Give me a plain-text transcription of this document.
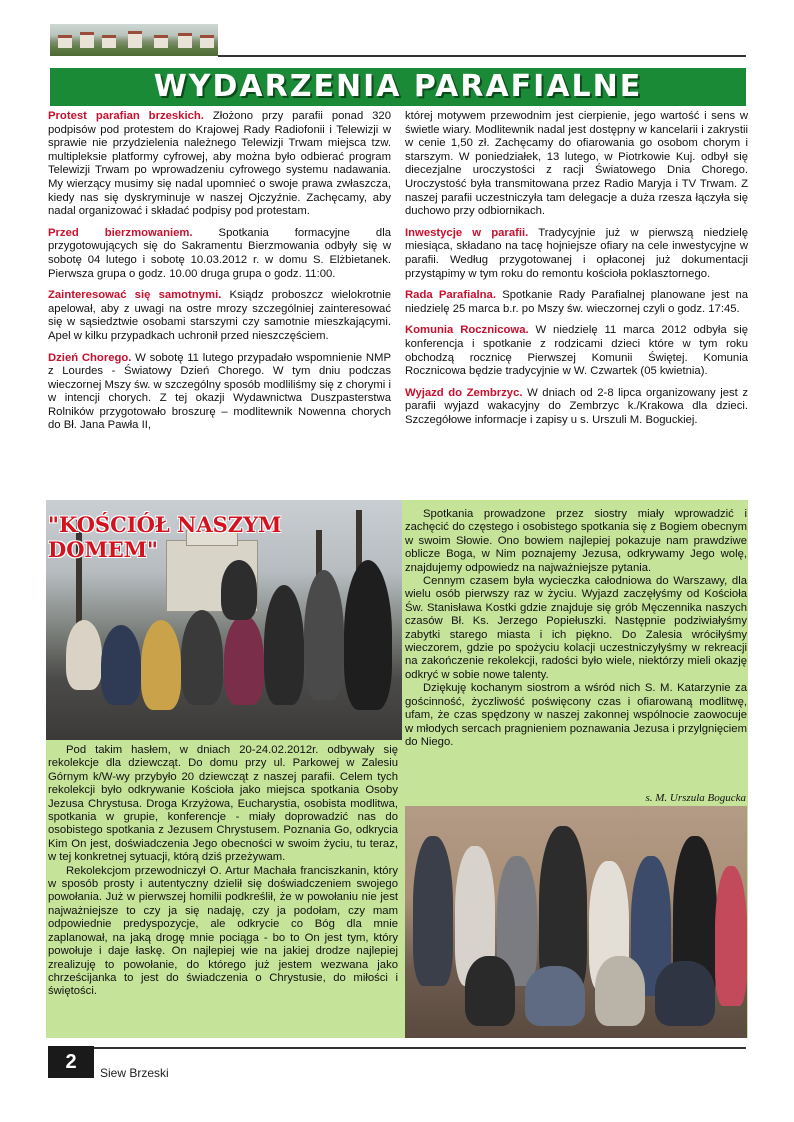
WYDARZENIA PARAFIALNE

Protest parafian brzeskich. Złożono przy parafii ponad 320 podpisów pod protestem do Krajowej Rady Radiofonii i Telewizji w sprawie nie przydzielenia należnego Telewizji Trwam miejsca tzw. multipleksie platformy cyfrowej, aby można było odbierać program Telewizji Trwam po wprowadzeniu cyfrowego systemu nadawania. My wierzący musimy się nadal upomnieć o swoje prawa zwłaszcza, kiedy nas się dyskryminuje w naszej Ojczyźnie. Zachęcamy, aby nadal organizować i składać podpisy pod protestam.

Przed bierzmowaniem. Spotkania formacyjne dla przygotowujących się do Sakramentu Bierzmowania odbyły się w sobotę 04 lutego i sobotę 10.03.2012 r. w domu S. Elżbietanek. Pierwsza grupa o godz. 10.00 druga grupa o godz. 11:00.

Zainteresować się samotnymi. Ksiądz proboszcz wielokrotnie apelował, aby z uwagi na ostre mrozy szczególniej zainteresować się w sąsiedztwie osobami starszymi czy samotnie mieszkającymi. Apel w kilku przypadkach uchronił przed nieszczęściem.

Dzień Chorego. W sobotę 11 lutego przypadało wspomnienie NMP z Lourdes - Światowy Dzień Chorego. W tym dniu podczas wieczornej Mszy św. w szczególny sposób modliliśmy się z chorymi i w intencji chorych. Z tej okazji Wydawnictwa Duszpasterstwa Rolników przygotowało broszurę – modlitewnik Nowenna chorych do Bł. Jana Pawła II,

której motywem przewodnim jest cierpienie, jego wartość i sens w świetle wiary. Modlitewnik nadal jest dostępny w kancelarii i zakrystii w cenie 1,50 zł. Zachęcamy do ofiarowania go osobom chorym i starszym. W poniedziałek, 13 lutego, w Piotrkowie Kuj. odbył się diecezjalne uroczystości z racji Światowego Dnia Chorego. Uroczystość była transmitowana przez Radio Maryja i TV Trwam. Z naszej parafii uczestniczyła tam delegacje a duża rzesza łączyła się duchowo przy odbiornikach.

Inwestycje w parafii. Tradycyjnie już w pierwszą niedzielę miesiąca, składano na tacę hojniejsze ofiary na cele inwestycyjne w parafii. Według przygotowanej i opłaconej już dokumentacji przystąpimy w tym roku do remontu kościoła poklasztornego.

Rada Parafialna. Spotkanie Rady Parafialnej planowane jest na niedzielę 25 marca b.r. po Mszy św. wieczornej czyli o godz. 17:45.

Komunia Rocznicowa. W niedzielę 11 marca 2012 odbyła się konferencja i spotkanie z rodzicami dzieci które w tym roku obchodzą rocznicę Pierwszej Komunii Świętej. Komunia Rocznicowa będzie tradycyjnie w W. Czwartek (05 kwietnia).

Wyjazd do Zembrzyc. W dniach od 2-8 lipca organizowany jest z parafii wyjazd wakacyjny do Zembrzyc k./Krakowa dla dzieci. Szczegółowe informacje i zapisy u s. Urszuli M. Boguckiej.

"KOŚCIÓŁ NASZYM DOMEM"

Pod takim hasłem, w dniach 20-24.02.2012r. odbywały się rekolekcje dla dziewcząt. Do domu przy ul. Parkowej w Zalesiu Górnym k/W-wy przybyło 20 dziewcząt z naszej parafii. Celem tych rekolekcji było odkrywanie Kościoła jako miejsca spotkania Osoby Jezusa Chrystusa. Droga Krzyżowa, Eucharystia, osobista modlitwa, spotkania w grupie, konferencje - miały doprowadzić nas do osobistego spotkania z Jezusem Chrystusem. Poznania Go, odkrycia Kim On jest, doświadczenia Jego obecności w swoim życiu, tu teraz, w tej konkretnej sytuacji, którą dziś przeżywam.

Rekolekcjom przewodniczył O. Artur Machała franciszkanin, który w sposób prosty i autentyczny dzielił się doświadczeniem swojego powołania. Już w pierwszej homilii podkreślił, że w powołaniu nie jest najważniejsze to czy ja się nadaję, czy ja podołam, czy mam odpowiednie predyspozycje, ale odkrycie co Bóg dla mnie zaplanował, na jaką drogę mnie pociąga - bo to On jest tym, który powołuje i daje łaskę. On najlepiej wie na jakiej drodze najlepiej zrealizuję to powołanie, do którego już jestem wezwana jako chrześcijanka to jest do świadczenia o Chrystusie, do miłości i świętości.

Spotkania prowadzone przez siostry miały wprowadzić i zachęcić do częstego i osobistego spotkania się z Bogiem obecnym w swoim Słowie. Ono bowiem najlepiej pokazuje nam prawdziwe oblicze Boga, w Nim poznajemy Jezusa, odkrywamy Jego wolę, znajdujemy odpowiedz na najważniejsze pytania.

Cennym czasem była wycieczka całodniowa do Warszawy, dla wielu osób pierwszy raz w życiu. Wyjazd zaczęłyśmy od Kościoła Św. Stanisława Kostki gdzie znajduje się grób Męczennika naszych czasów Bł. Ks. Jerzego Popiełuszki. Następnie podziwiałyśmy zabytki starego miasta i ich piękno. Do Zalesia wróciłyśmy wieczorem, gdzie po spożyciu kolacji uczestniczyłyśmy w rekreacji na zakończenie rekolekcji, radości było wiele, niektórzy mieli okazję odkryć w sobie nowe talenty.

Dziękuję kochanym siostrom a wśród nich S. M. Katarzynie za gościnność, życzliwość poświęcony czas i ofiarowaną modlitwę, ufam, że czas spędzony w naszej zakonnej wspólnocie zaowocuje w młodych sercach pragnieniem poznawania Jezusa i przylgnięciem do Niego.

s. M. Urszula Bogucka
2	Siew Brzeski
